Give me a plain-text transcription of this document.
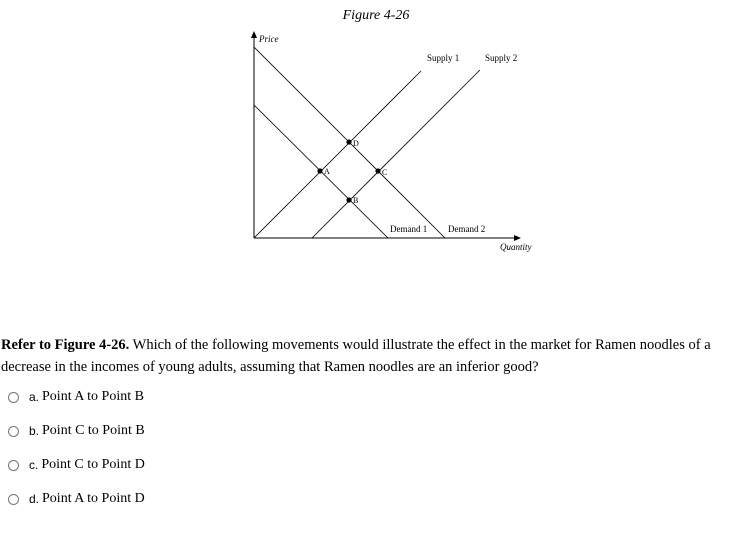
Figure 4-26
Price
Quantity
Supply 1	Supply 2
Demand 1 Demand 2
A
B
C
D
Refer to Figure 4-26. Which of the following movements would illustrate the effect in the market for Ramen noodles of a decrease in the incomes of young adults, assuming that Ramen noodles are an inferior good?
a. Point A to Point B
b. Point C to Point B
c. Point C to Point D
d. Point A to Point D
